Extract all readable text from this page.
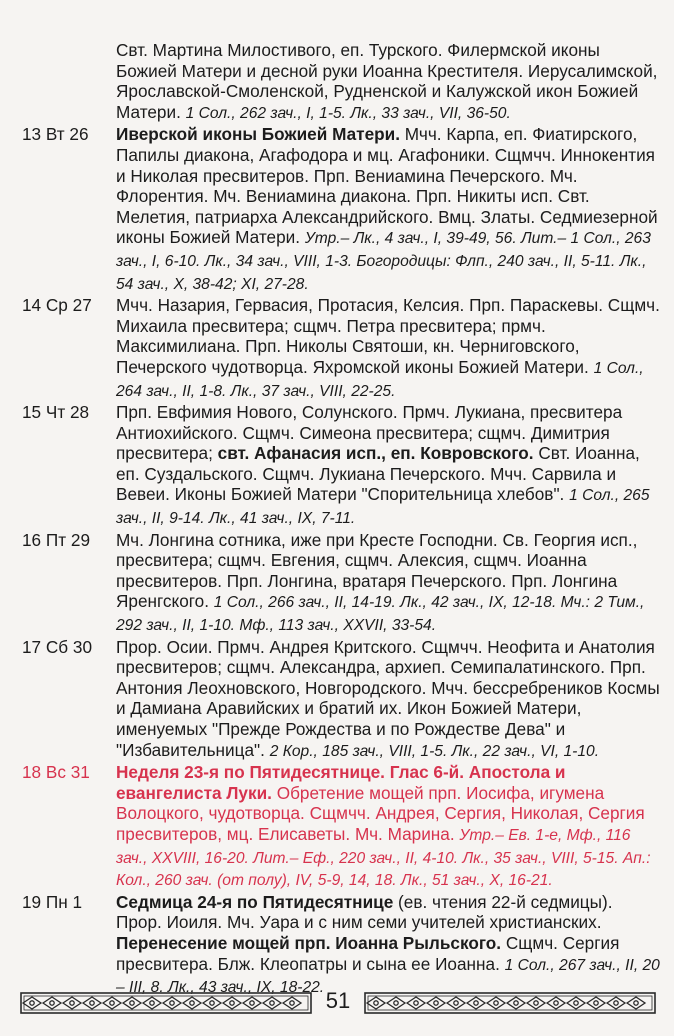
Свт. Мартина Милостивого, еп. Турского. Филермской иконы Божией Матери и десной руки Иоанна Крестителя. Иерусалимской, Ярославской-Смоленской, Рудненской и Калужской икон Божией Матери. 1 Сол., 262 зач., I, 1-5. Лк., 33 зач., VII, 36-50.
13 Вт 26	Иверской иконы Божией Матери. Мчч. Карпа, еп. Фиатирского, Папилы диакона, Агафодора и мц. Агафоники. Сщмчч. Иннокентия и Николая пресвитеров. Прп. Вениамина Печерского. Мч. Флорентия. Мч. Вениамина диакона. Прп. Никиты исп. Свт. Мелетия, патриарха Александрийского. Вмц. Златы. Седмиезерной иконы Божией Матери. Утр.– Лк., 4 зач., I, 39-49, 56. Лит.– 1 Сол., 263 зач., I, 6-10. Лк., 34 зач., VIII, 1-3. Богородицы: Флп., 240 зач., II, 5-11. Лк., 54 зач., X, 38-42; XI, 27-28.
14 Ср 27	Мчч. Назария, Гервасия, Протасия, Келсия. Прп. Параскевы. Сщмч. Михаила пресвитера; сщмч. Петра пресвитера; прмч. Максимилиана. Прп. Николы Святоши, кн. Черниговского, Печерского чудотворца. Яхромской иконы Божией Матери. 1 Сол., 264 зач., II, 1-8. Лк., 37 зач., VIII, 22-25.
15 Чт 28	Прп. Евфимия Нового, Солунского. Прмч. Лукиана, пресвитера Антиохийского. Сщмч. Симеона пресвитера; сщмч. Димитрия пресвитера; свт. Афанасия исп., еп. Ковровского. Свт. Иоанна, еп. Суздальского. Сщмч. Лукиана Печерского. Мчч. Сарвила и Вевеи. Иконы Божией Матери "Спорительница хлебов". 1 Сол., 265 зач., II, 9-14. Лк., 41 зач., IX, 7-11.
16 Пт 29	Мч. Лонгина сотника, иже при Кресте Господни. Св. Георгия исп., пресвитера; сщмч. Евгения, сщмч. Алексия, сщмч. Иоанна пресвитеров. Прп. Лонгина, вратаря Печерского. Прп. Лонгина Яренгского. 1 Сол., 266 зач., II, 14-19. Лк., 42 зач., IX, 12-18. Мч.: 2 Тим., 292 зач., II, 1-10. Мф., 113 зач., XXVII, 33-54.
17 Сб 30	Прор. Осии. Прмч. Андрея Критского. Сщмчч. Неофита и Анатолия пресвитеров; сщмч. Александра, архиеп. Семипалатинского. Прп. Антония Леохновского, Новгородского. Мчч. бессребреников Космы и Дамиана Аравийских и братий их. Икон Божией Матери, именуемых "Прежде Рождества и по Рождестве Дева" и "Избавительница". 2 Кор., 185 зач., VIII, 1-5. Лк., 22 зач., VI, 1-10.
18 Вс 31	Неделя 23-я по Пятидесятнице. Глас 6-й. Апостола и евангелиста Луки. Обретение мощей прп. Иосифа, игумена Волоцкого, чудотворца. Сщмчч. Андрея, Сергия, Николая, Сергия пресвитеров, мц. Елисаветы. Мч. Марина. Утр.– Ев. 1-е, Мф., 116 зач., XXVIII, 16-20. Лит.– Еф., 220 зач., II, 4-10. Лк., 35 зач., VIII, 5-15. Ап.: Кол., 260 зач. (от полу), IV, 5-9, 14, 18. Лк., 51 зач., X, 16-21.
19 Пн 1	Седмица 24-я по Пятидесятнице (ев. чтения 22-й седмицы). Прор. Иоиля. Мч. Уара и с ним семи учителей христианских. Перенесение мощей прп. Иоанна Рыльского. Сщмч. Сергия пресвитера. Блж. Клеопатры и сына ее Иоанна. 1 Сол., 267 зач., II, 20 – III, 8. Лк., 43 зач., IX, 18-22.
51
